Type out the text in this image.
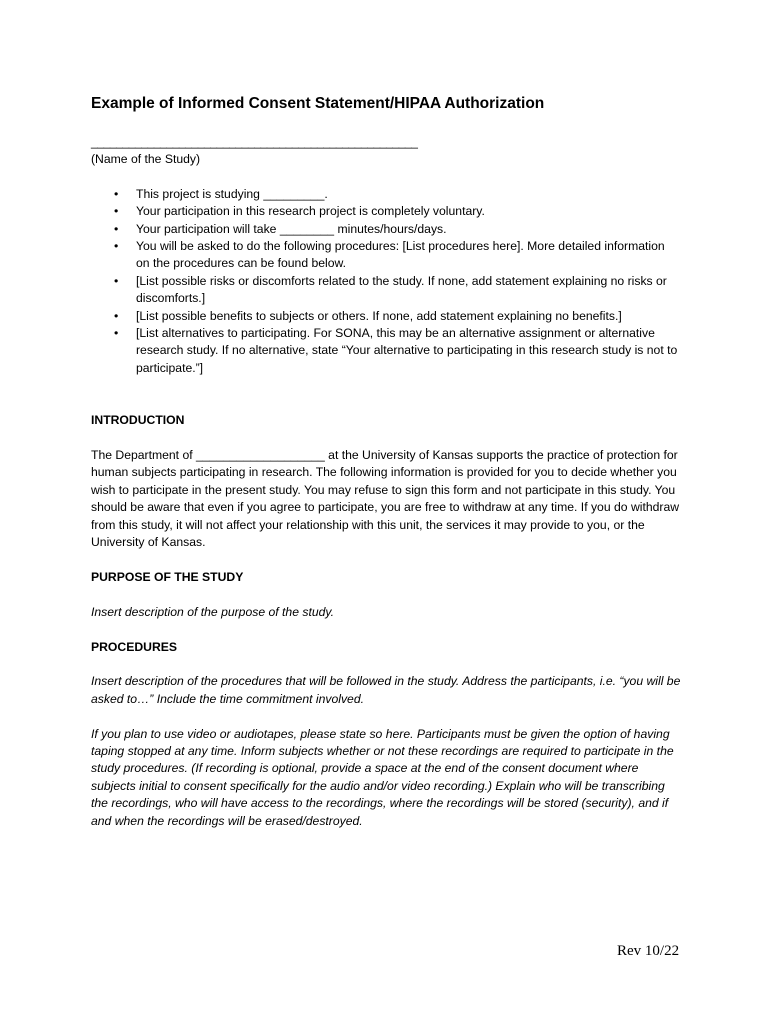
Example of Informed Consent Statement/HIPAA Authorization
____________________________________________________
(Name of the Study)
• This project is studying _________.
• Your participation in this research project is completely voluntary.
• Your participation will take ________ minutes/hours/days.
• You will be asked to do the following procedures: [List procedures here]. More detailed information on the procedures can be found below.
• [List possible risks or discomforts related to the study. If none, add statement explaining no risks or discomforts.]
• [List possible benefits to subjects or others. If none, add statement explaining no benefits.]
• [List alternatives to participating. For SONA, this may be an alternative assignment or alternative research study. If no alternative, state “Your alternative to participating in this research study is not to participate.”]
INTRODUCTION
The Department of ___________________ at the University of Kansas supports the practice of protection for human subjects participating in research. The following information is provided for you to decide whether you wish to participate in the present study. You may refuse to sign this form and not participate in this study. You should be aware that even if you agree to participate, you are free to withdraw at any time. If you do withdraw from this study, it will not affect your relationship with this unit, the services it may provide to you, or the University of Kansas.
PURPOSE OF THE STUDY
Insert description of the purpose of the study.
PROCEDURES
Insert description of the procedures that will be followed in the study. Address the participants, i.e. “you will be asked to…” Include the time commitment involved.
If you plan to use video or audiotapes, please state so here. Participants must be given the option of having taping stopped at any time. Inform subjects whether or not these recordings are required to participate in the study procedures. (If recording is optional, provide a space at the end of the consent document where subjects initial to consent specifically for the audio and/or video recording.) Explain who will be transcribing the recordings, who will have access to the recordings, where the recordings will be stored (security), and if and when the recordings will be erased/destroyed.
Rev 10/22
